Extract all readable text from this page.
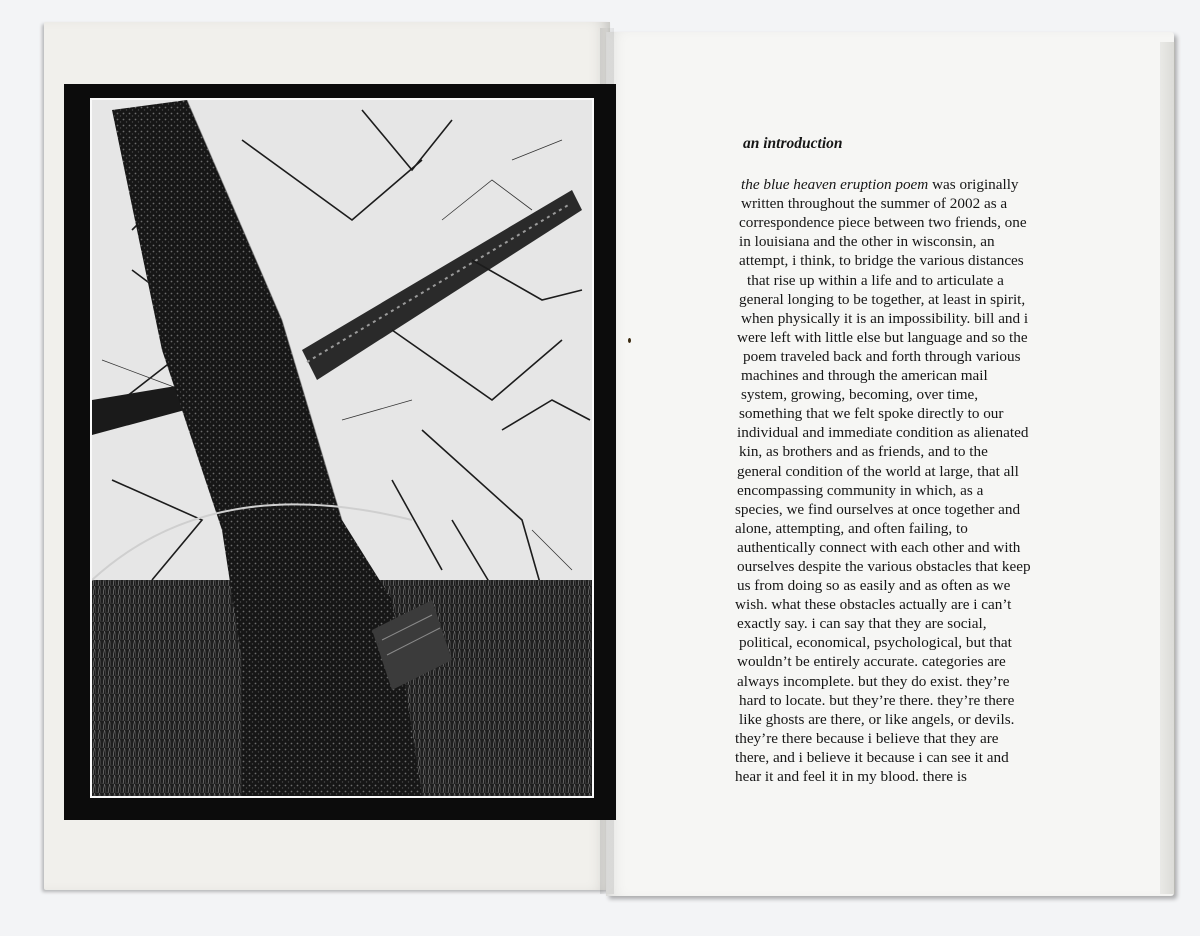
an introduction
the blue heaven eruption poem was originally
written throughout the summer of 2002 as a
correspondence piece between two friends, one
in louisiana and the other in wisconsin, an
attempt, i think, to bridge the various distances
that rise up within a life and to articulate a
general longing to be together, at least in spirit,
when physically it is an impossibility. bill and i
were left with little else but language and so the
poem traveled back and forth through various
machines and through the american mail
system, growing, becoming, over time,
something that we felt spoke directly to our
individual and immediate condition as alienated
kin, as brothers and as friends, and to the
general condition of the world at large, that all
encompassing community in which, as a
species, we find ourselves at once together and
alone, attempting, and often failing, to
authentically connect with each other and with
ourselves despite the various obstacles that keep
us from doing so as easily and as often as we
wish. what these obstacles actually are i can’t
exactly say. i can say that they are social,
political, economical, psychological, but that
wouldn’t be entirely accurate. categories are
always incomplete. but they do exist. they’re
hard to locate. but they’re there. they’re there
like ghosts are there, or like angels, or devils.
they’re there because i believe that they are
there, and i believe it because i can see it and
hear it and feel it in my blood. there is
